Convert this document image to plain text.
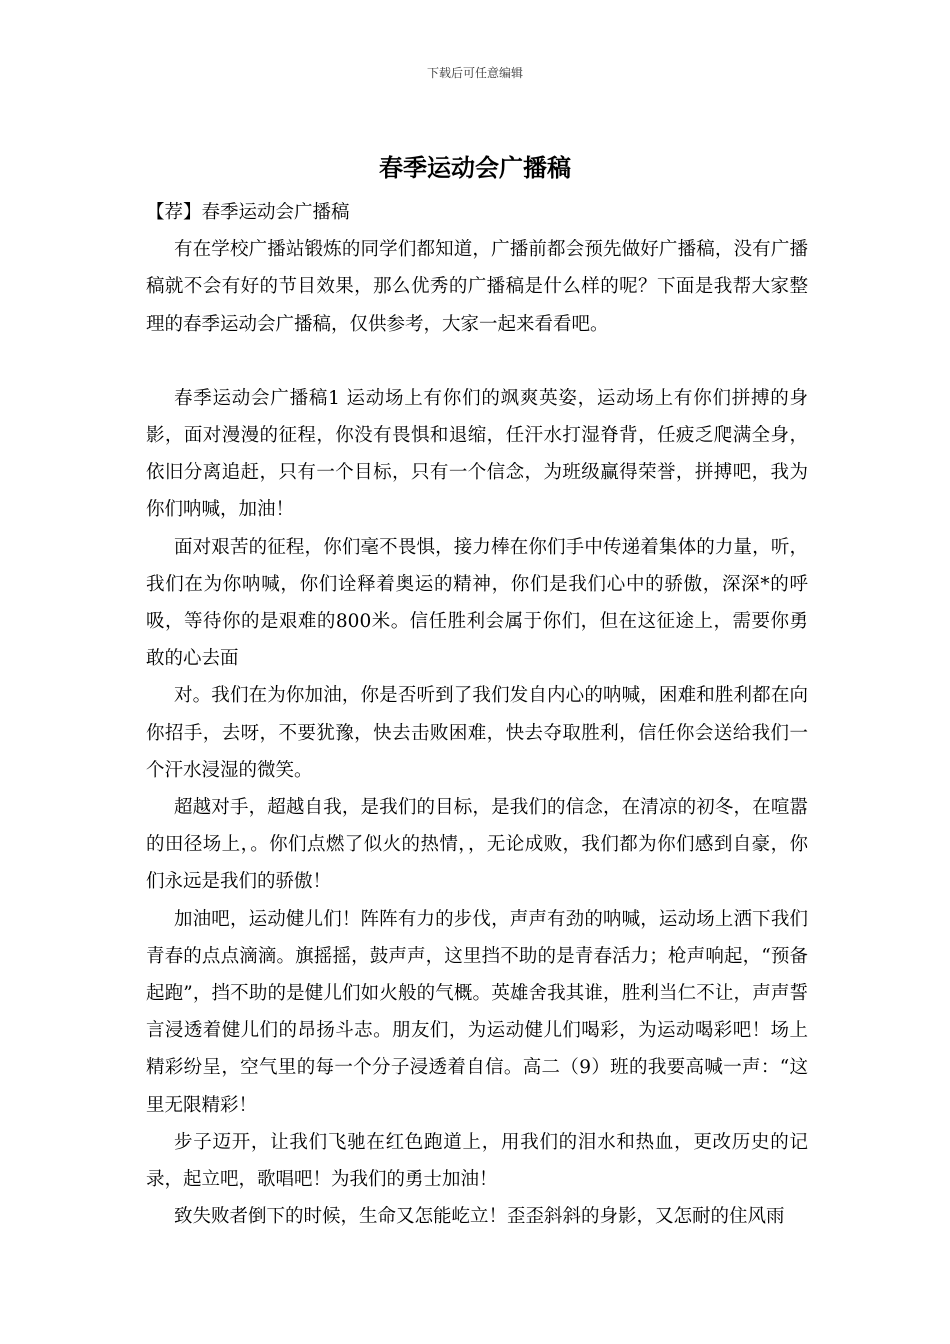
下载后可任意编辑
春季运动会广播稿

【荐】春季运动会广播稿

有在学校广播站锻炼的同学们都知道，广播前都会预先做好广播稿，没有广播稿就不会有好的节目效果，那么优秀的广播稿是什么样的呢？下面是我帮大家整理的春季运动会广播稿，仅供参考，大家一起来看看吧。

春季运动会广播稿1 运动场上有你们的飒爽英姿，运动场上有你们拼搏的身影，面对漫漫的征程，你没有畏惧和退缩，任汗水打湿脊背，任疲乏爬满全身，依旧分离追赶，只有一个目标，只有一个信念，为班级赢得荣誉，拼搏吧，我为你们呐喊，加油！

面对艰苦的征程，你们毫不畏惧，接力棒在你们手中传递着集体的力量，听，我们在为你呐喊，你们诠释着奥运的精神，你们是我们心中的骄傲，深深*的呼吸，等待你的是艰难的800米。信任胜利会属于你们，但在这征途上，需要你勇敢的心去面

对。我们在为你加油，你是否听到了我们发自内心的呐喊，困难和胜利都在向你招手，去呀，不要犹豫，快去击败困难，快去夺取胜利，信任你会送给我们一个汗水浸湿的微笑。

超越对手，超越自我，是我们的目标，是我们的信念，在清凉的初冬，在喧嚣的田径场上，。你们点燃了似火的热情，，无论成败，我们都为你们感到自豪，你们永远是我们的骄傲！

加油吧，运动健儿们！阵阵有力的步伐，声声有劲的呐喊，运动场上洒下我们青春的点点滴滴。旗摇摇，鼓声声，这里挡不助的是青春活力；枪声响起，“预备起跑”，挡不助的是健儿们如火般的气概。英雄舍我其谁，胜利当仁不让，声声誓言浸透着健儿们的昂扬斗志。朋友们，为运动健儿们喝彩，为运动喝彩吧！场上精彩纷呈，空气里的每一个分子浸透着自信。高二（9）班的我要高喊一声：“这里无限精彩！

步子迈开，让我们飞驰在红色跑道上，用我们的泪水和热血，更改历史的记录，起立吧，歌唱吧！为我们的勇士加油！

致失败者倒下的时候，生命又怎能屹立！歪歪斜斜的身影，又怎耐的住风雨
